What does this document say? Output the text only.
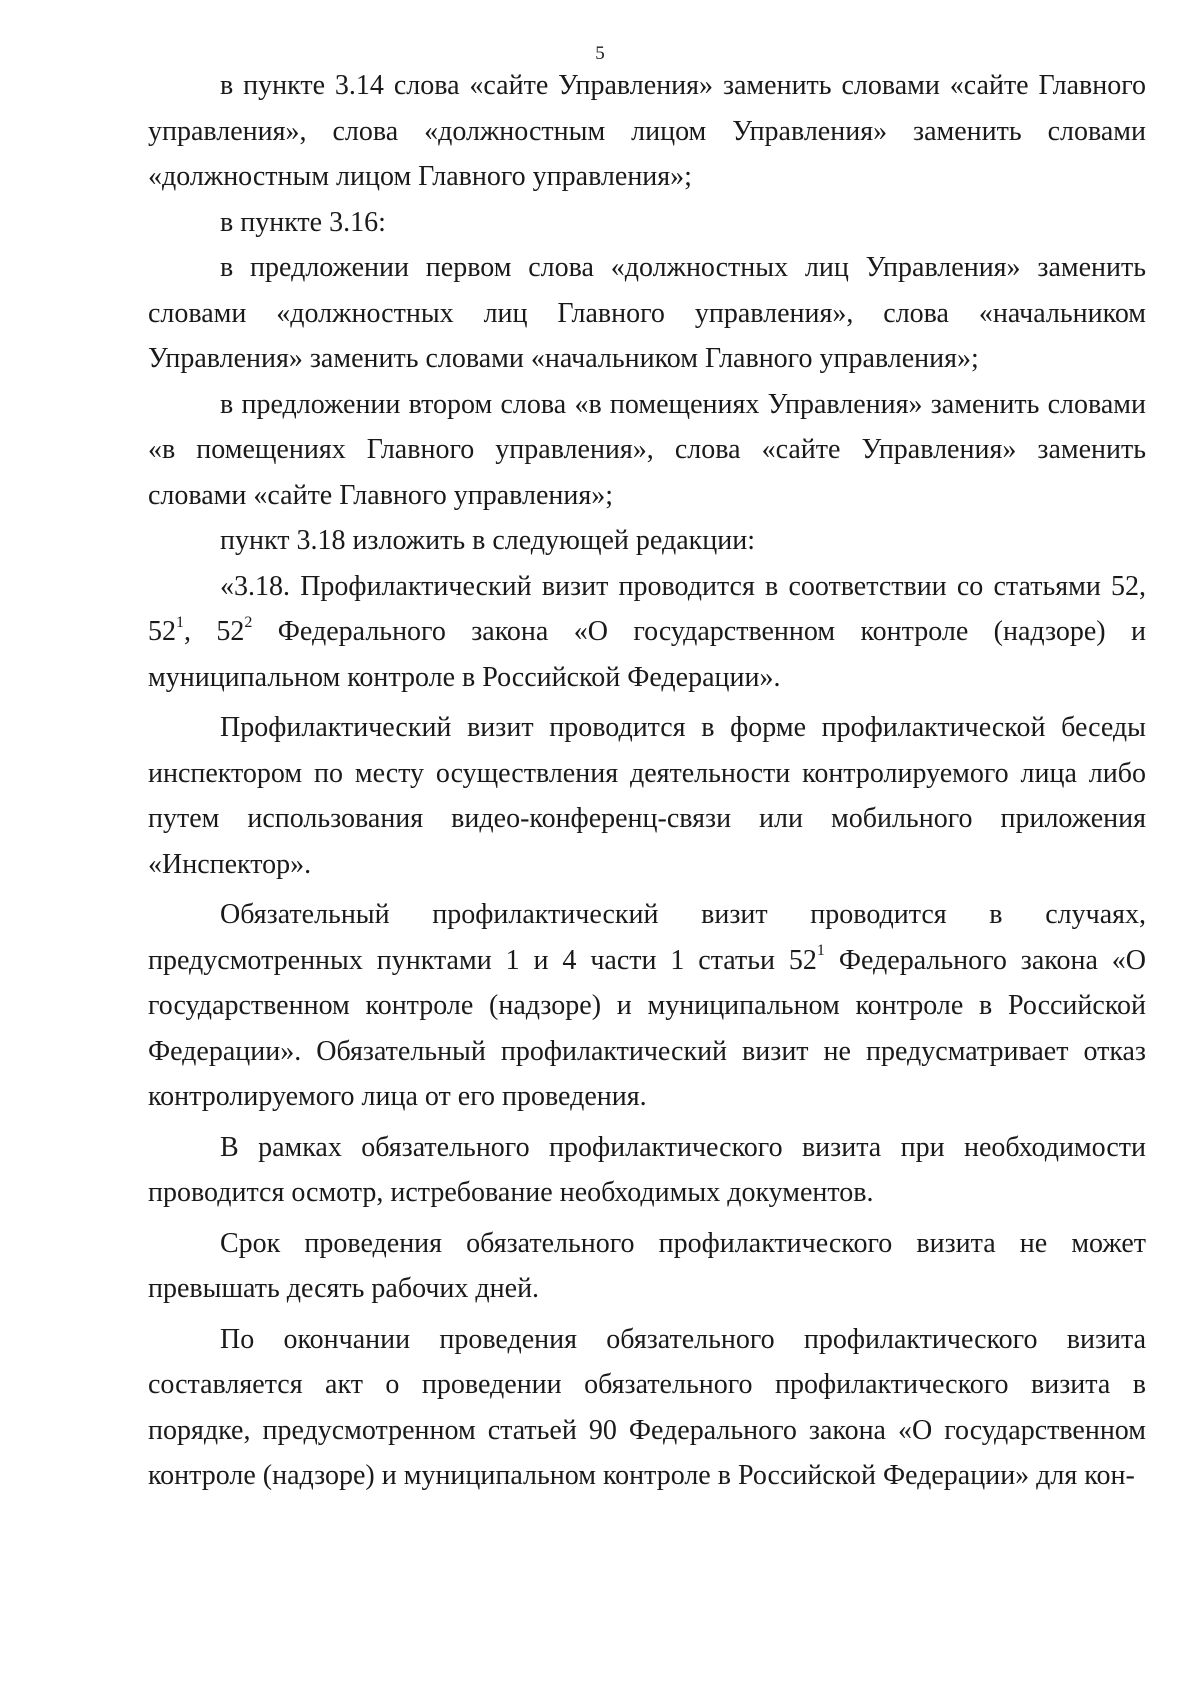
5

в пункте 3.14 слова «сайте Управления» заменить словами «сайте Главного управления», слова «должностным лицом Управления» заменить словами «должностным лицом Главного управления»;

в пункте 3.16:

в предложении первом слова «должностных лиц Управления» заменить словами «должностных лиц Главного управления», слова «начальником Управления» заменить словами «начальником Главного управления»;

в предложении втором слова «в помещениях Управления» заменить словами «в помещениях Главного управления», слова «сайте Управления» заменить словами «сайте Главного управления»;

пункт 3.18 изложить в следующей редакции:

«3.18. Профилактический визит проводится в соответствии со статьями 52, $52^1$, $52^2$ Федерального закона «О государственном контроле (надзоре) и муниципальном контроле в Российской Федерации».

Профилактический визит проводится в форме профилактической беседы инспектором по месту осуществления деятельности контролируемого лица либо путем использования видео-конференц-связи или мобильного приложения «Инспектор».

Обязательный профилактический визит проводится в случаях, предусмотренных пунктами 1 и 4 части 1 статьи $52^1$ Федерального закона «О государственном контроле (надзоре) и муниципальном контроле в Российской Федерации». Обязательный профилактический визит не предусматривает отказ контролируемого лица от его проведения.

В рамках обязательного профилактического визита при необходимости проводится осмотр, истребование необходимых документов.

Срок проведения обязательного профилактического визита не может превышать десять рабочих дней.

По окончании проведения обязательного профилактического визита составляется акт о проведении обязательного профилактического визита в порядке, предусмотренном статьей 90 Федерального закона «О государственном контроле (надзоре) и муниципальном контроле в Российской Федерации» для кон-
